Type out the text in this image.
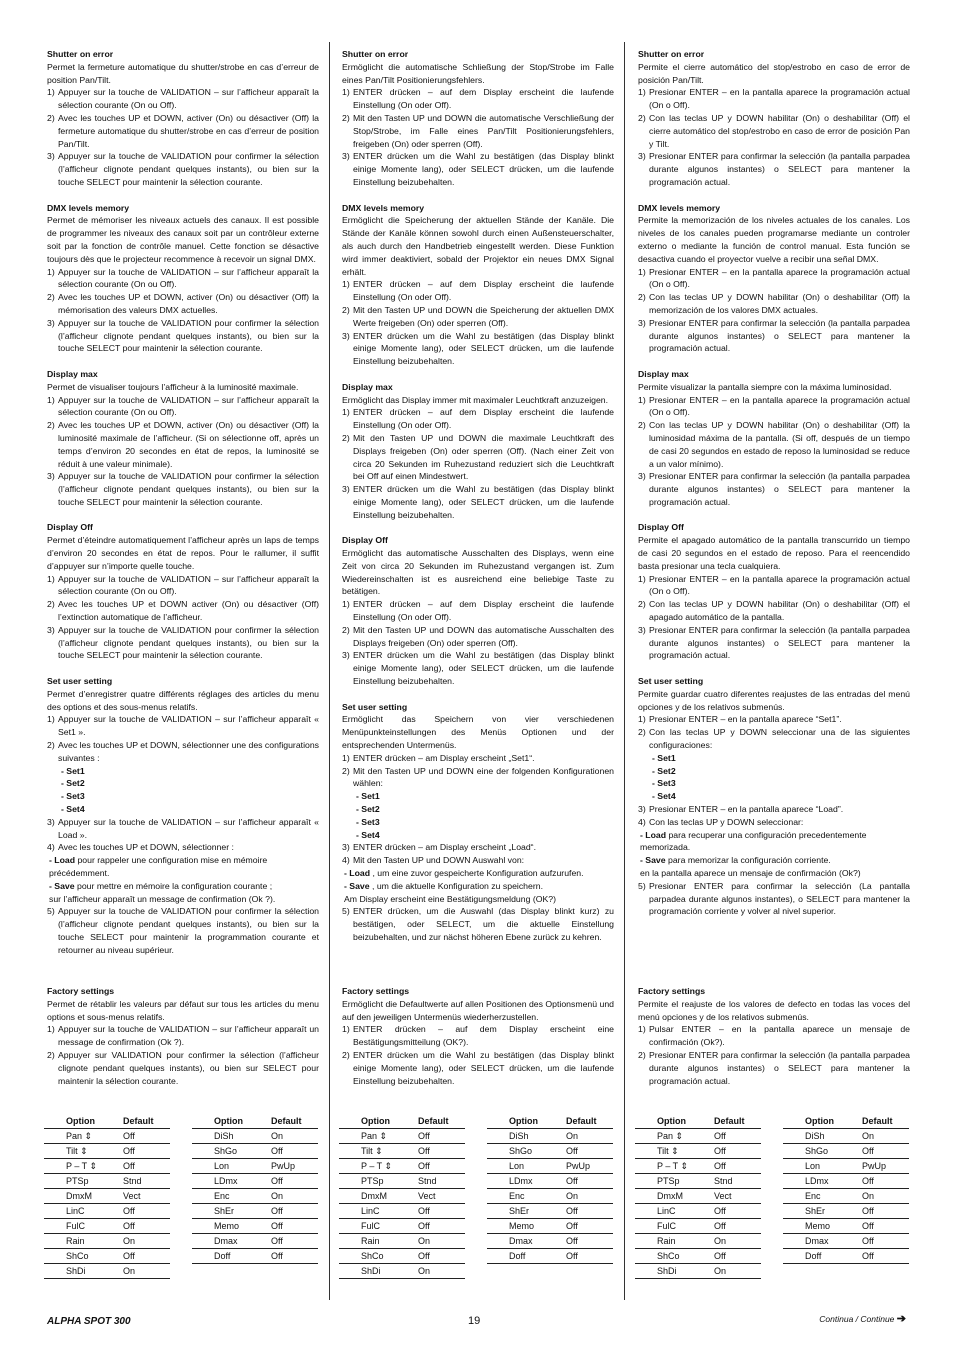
Shutter on error

Permet la fermeture automatique du shutter/strobe en cas d’erreur de position Pan/Tilt.

1) Appuyer sur la touche de VALIDATION – sur l’afficheur apparaît la sélection courante (On ou Off).
2) Avec les touches UP et DOWN, activer (On) ou désactiver (Off) la fermeture automatique du shutter/strobe en cas d’erreur de position Pan/Tilt.
3) Appuyer sur la touche de VALIDATION pour confirmer la sélection (l’afficheur clignote pendant quelques instants), ou bien sur la touche SELECT pour maintenir la sélection courante.
DMX levels memory

Permet de mémoriser les niveaux actuels des canaux. Il est possible de programmer les niveaux des canaux soit par un contrôleur externe soit par la fonction de contrôle manuel. Cette fonction se désactive toujours dès que le projecteur recommence à recevoir un signal DMX.

1) Appuyer sur la touche de VALIDATION – sur l’afficheur apparaît la sélection courante (On ou Off).
2) Avec les touches UP et DOWN, activer (On) ou désactiver (Off) la mémorisation des valeurs DMX actuelles.
3) Appuyer sur la touche de VALIDATION pour confirmer la sélection (l’afficheur clignote pendant quelques instants), ou bien sur la touche SELECT pour maintenir la sélection courante.
Display max

Permet de visualiser toujours l’afficheur à la luminosité maximale.

1) Appuyer sur la touche de VALIDATION – sur l’afficheur apparaît la sélection courante (On ou Off).
2) Avec les touches UP et DOWN, activer (On) ou désactiver (Off) la luminosité maximale de l’afficheur. (Si on sélectionne off, après un temps d’environ 20 secondes en état de repos, la luminosité se réduit à une valeur minimale).
3) Appuyer sur la touche de VALIDATION pour confirmer la sélection (l’afficheur clignote pendant quelques instants), ou bien sur la touche SELECT pour maintenir la sélection courante.
Display Off

Permet d’éteindre automatiquement l’afficheur après un laps de temps d’environ 20 secondes en état de repos. Pour le rallumer, il suffit d’appuyer sur n’importe quelle touche.

1) Appuyer sur la touche de VALIDATION – sur l’afficheur apparaît la sélection courante (On ou Off).
2) Avec les touches UP et DOWN activer (On) ou désactiver (Off) l’extinction automatique de l’afficheur.
3) Appuyer sur la touche de VALIDATION pour confirmer la sélection (l’afficheur clignote pendant quelques instants), ou bien sur la touche SELECT pour maintenir la sélection courante.
Set user setting

Permet d’enregistrer quatre différents réglages des articles du menu des options et des sous-menus relatifs.

1) Appuyer sur la touche de VALIDATION – sur l’afficheur apparaît « Set1 ».
2) Avec les touches UP et DOWN, sélectionner une des configurations suivantes :
- Set1
- Set2
- Set3
- Set4
3) Appuyer sur la touche de VALIDATION – sur l’afficheur apparaît « Load ».
4) Avec les touches UP et DOWN, sélectionner :
- Load pour rappeler une configuration mise en mémoire précédemment.
- Save pour mettre en mémoire la configuration courante ;
sur l’afficheur apparaît un message de confirmation (Ok ?).
5) Appuyer sur la touche de VALIDATION pour confirmer la sélection (l’afficheur clignote pendant quelques instants), ou bien sur la touche SELECT pour maintenir la programmation courante et retourner au niveau supérieur.
Factory settings

Permet de rétablir les valeurs par défaut sur tous les articles du menu options et sous-menus relatifs.

1) Appuyer sur la touche de VALIDATION – sur l’afficheur apparaît un message de confirmation (Ok ?).
2) Appuyer sur VALIDATION pour confirmer la sélection (l’afficheur clignote pendant quelques instants), ou bien sur SELECT pour maintenir la sélection courante.
Shutter on error

Ermöglicht die automatische Schließung der Stop/Strobe im Falle eines Pan/Tilt Positionierungsfehlers.

1) ENTER drücken – auf dem Display erscheint die laufende Einstellung (On oder Off).
2) Mit den Tasten UP und DOWN die automatische Verschließung der Stop/Strobe, im Falle eines Pan/Tilt Positionierungsfehlers, freigeben (On) oder sperren (Off).
3) ENTER drücken um die Wahl zu bestätigen (das Display blinkt einige Momente lang), oder SELECT drücken, um die laufende Einstellung beizubehalten.
DMX levels memory

Ermöglicht die Speicherung der aktuellen Stände der Kanäle. Die Stände der Kanäle können sowohl durch einen Außensteuerschalter, als auch durch den Handbetrieb eingestellt werden. Diese Funktion wird immer deaktiviert, sobald der Projektor ein neues DMX Signal erhält.

1) ENTER drücken – auf dem Display erscheint die laufende Einstellung (On oder Off).
2) Mit den Tasten UP und DOWN die Speicherung der aktuellen DMX Werte freigeben (On) oder sperren (Off).
3) ENTER drücken um die Wahl zu bestätigen (das Display blinkt einige Momente lang), oder SELECT drücken, um die laufende Einstellung beizubehalten.
Display max

Ermöglicht das Display immer mit maximaler Leuchtkraft anzuzeigen.

1) ENTER drücken – auf dem Display erscheint die laufende Einstellung (On oder Off).
2) Mit den Tasten UP und DOWN die maximale Leuchtkraft des Displays freigeben (On) oder sperren (Off). (Nach einer Zeit von circa 20 Sekunden im Ruhezustand reduziert sich die Leuchtkraft bei Off auf einen Mindestwert.
3) ENTER drücken um die Wahl zu bestätigen (das Display blinkt einige Momente lang), oder SELECT drücken, um die laufende Einstellung beizubehalten.
Display Off

Ermöglicht das automatische Ausschalten des Displays, wenn eine Zeit von circa 20 Sekunden im Ruhezustand vergangen ist. Zum Wiedereinschalten ist es ausreichend eine beliebige Taste zu betätigen.

1) ENTER drücken – auf dem Display erscheint die laufende Einstellung (On oder Off).
2) Mit den Tasten UP und DOWN das automatische Ausschalten des Displays freigeben (On) oder sperren (Off).
3) ENTER drücken um die Wahl zu bestätigen (das Display blinkt einige Momente lang), oder SELECT drücken, um die laufende Einstellung beizubehalten.
Set user setting

Ermöglicht das Speichern von vier verschiedenen Menüpunkteinstellungen des Menüs Optionen und der entsprechenden Untermenüs.

1) ENTER drücken – am Display erscheint „Set1“.
2) Mit den Tasten UP und DOWN eine der folgenden Konfigurationen wählen:
- Set1
- Set2
- Set3
- Set4
3) ENTER drücken – am Display erscheint „Load“.
4) Mit den Tasten UP und DOWN Auswahl von:
- Load , um eine zuvor gespeicherte Konfiguration aufzurufen.
- Save , um die aktuelle Konfiguration zu speichern.
Am Display erscheint eine Bestätigungsmeldung (OK?)
5) ENTER drücken, um die Auswahl (das Display blinkt kurz) zu bestätigen, oder SELECT, um die aktuelle Einstellung beizubehalten, und zur nächst höheren Ebene zurück zu kehren.
Factory settings

Ermöglicht die Defaultwerte auf allen Positionen des Optionsmenü und auf den jeweiligen Untermenüs wiederherzustellen.

1) ENTER drücken – auf dem Display erscheint eine Bestätigungsmitteilung (OK?).
2) ENTER drücken um die Wahl zu bestätigen (das Display blinkt einige Momente lang), oder SELECT drücken, um die laufende Einstellung beizubehalten.
Shutter on error

Permite el cierre automático del stop/estrobo en caso de error de posición Pan/Tilt.

1) Presionar ENTER – en la pantalla aparece la programación actual (On o Off).
2) Con las teclas UP y DOWN habilitar (On) o deshabilitar (Off) el cierre automático del stop/estrobo en caso de error de posición Pan y Tilt.
3) Presionar ENTER para confirmar la selección (la pantalla parpadea durante algunos instantes) o SELECT para mantener la programación actual.
DMX levels memory

Permite la memorización de los niveles actuales de los canales. Los niveles de los canales pueden programarse mediante un controler externo o mediante la función de control manual. Esta función se desactiva cuando el proyector vuelve a recibir una señal DMX.

1) Presionar ENTER – en la pantalla aparece la programación actual (On o Off).
2) Con las teclas UP y DOWN habilitar (On) o deshabilitar (Off) la memorización de los valores DMX actuales.
3) Presionar ENTER para confirmar la selección (la pantalla parpadea durante algunos instantes) o SELECT para mantener la programación actual.
Display max

Permite visualizar la pantalla siempre con la máxima luminosidad.

1) Presionar ENTER – en la pantalla aparece la programación actual (On o Off).
2) Con las teclas UP y DOWN habilitar (On) o deshabilitar (Off) la luminosidad máxima de la pantalla. (Si off, después de un tiempo de casi 20 segundos en estado de reposo la luminosidad se reduce a un valor mínimo).
3) Presionar ENTER para confirmar la selección (la pantalla parpadea durante algunos instantes) o SELECT para mantener la programación actual.
Display Off

Permite el apagado automático de la pantalla transcurrido un tiempo de casi 20 segundos en el estado de reposo. Para el reencendido basta presionar una tecla cualquiera.

1) Presionar ENTER – en la pantalla aparece la programación actual (On o Off).
2) Con las teclas UP y DOWN habilitar (On) o deshabilitar (Off) el apagado automático de la pantalla.
3) Presionar ENTER para confirmar la selección (la pantalla parpadea durante algunos instantes) o SELECT para mantener la programación actual.
Set user setting

Permite guardar cuatro diferentes reajustes de las entradas del menú opciones y de los relativos submenús.

1) Presionar ENTER – en la pantalla aparece “Set1”.
2) Con las teclas UP y DOWN seleccionar una de las siguientes configuraciones:
- Set1
- Set2
- Set3
- Set4
3) Presionar ENTER – en la pantalla aparece “Load”.
4) Con las teclas UP y DOWN seleccionar:
- Load para recuperar una configuración precedentemente memorizada.
- Save para memorizar la configuración corriente.
en la pantalla aparece un mensaje de confirmación (Ok?)
5) Presionar ENTER para confirmar la selección (La pantalla parpadea durante algunos instantes), o SELECT para mantener la programación corriente y volver al nivel superior.
Factory settings

Permite el reajuste de los valores de defecto en todas las voces del menú opciones y de los relativos submenús.

1) Pulsar ENTER – en la pantalla aparece un mensaje de confirmación (Ok?).
2) Presionar ENTER para confirmar la selección (la pantalla parpadea durante algunos instantes) o SELECT para mantener la programación actual.
Option	Default
Pan ⇕	Off
Tilt ⇕	Off
P – T ⇕	Off
PTSp	Stnd
DmxM	Vect
LinC	Off
FulC	Off
Rain	On
ShCo	Off
ShDi	On
Option	Default
DiSh	On
ShGo	Off
Lon	PwUp
LDmx	Off
Enc	On
ShEr	Off
Memo	Off
Dmax	Off
Doff	Off
Option	Default
Pan ⇕	Off
Tilt ⇕	Off
P – T ⇕	Off
PTSp	Stnd
DmxM	Vect
LinC	Off
FulC	Off
Rain	On
ShCo	Off
ShDi	On
Option	Default
DiSh	On
ShGo	Off
Lon	PwUp
LDmx	Off
Enc	On
ShEr	Off
Memo	Off
Dmax	Off
Doff	Off
Option	Default
Pan ⇕	Off
Tilt ⇕	Off
P – T ⇕	Off
PTSp	Stnd
DmxM	Vect
LinC	Off
FulC	Off
Rain	On
ShCo	Off
ShDi	On
Option	Default
DiSh	On
ShGo	Off
Lon	PwUp
LDmx	Off
Enc	On
ShEr	Off
Memo	Off
Dmax	Off
Doff	Off
ALPHA SPOT 300	19	Continua / Continue ➔
